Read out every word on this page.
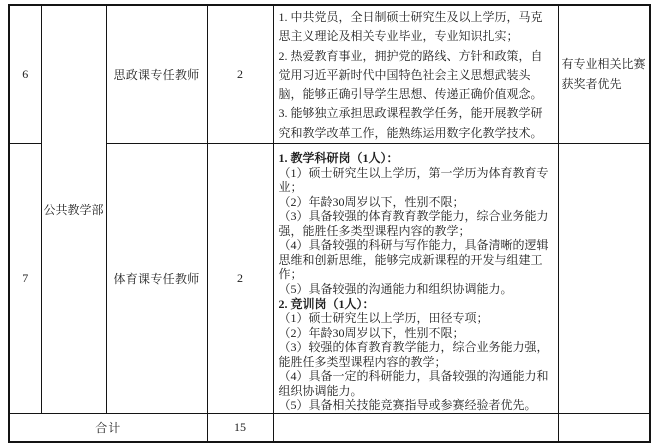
6	公共教学部	思政课专任教师	2	1. 中共党员，全日制硕士研究生及以上学历，马克思主义理论及相关专业毕业，专业知识扎实；

2. 热爱教育事业，拥护党的路线、方针和政策，自觉用习近平新时代中国特色社会主义思想武装头脑，能够正确引导学生思想、传递正确价值观念。

3. 能够独立承担思政课程教学任务，能开展教学研究和教学改革工作，能熟练运用数字化教学技术。	有专业相关比赛获奖者优先
7	体育课专任教师	2	

1. 教学科研岗（1人）：

（1）硕士研究生以上学历，第一学历为体育教育专业；

（2）年龄30周岁以下，性别不限；

（3）具备较强的体育教育教学能力，综合业务能力强，能胜任多类型课程内容的教学；

（4）具备较强的科研与写作能力，具备清晰的逻辑思维和创新思维，能够完成新课程的开发与组建工作；

（5）具备较强的沟通能力和组织协调能力。

2. 竞训岗（1人）：

（1）硕士研究生以上学历，田径专项；

（2）年龄30周岁以下，性别不限；

（3）较强的体育教育教学能力，综合业务能力强，能胜任多类型课程内容的教学；

（4）具备一定的科研能力，具备较强的沟通能力和组织协调能力。

（5）具备相关技能竞赛指导或参赛经验者优先。

合计			15		
